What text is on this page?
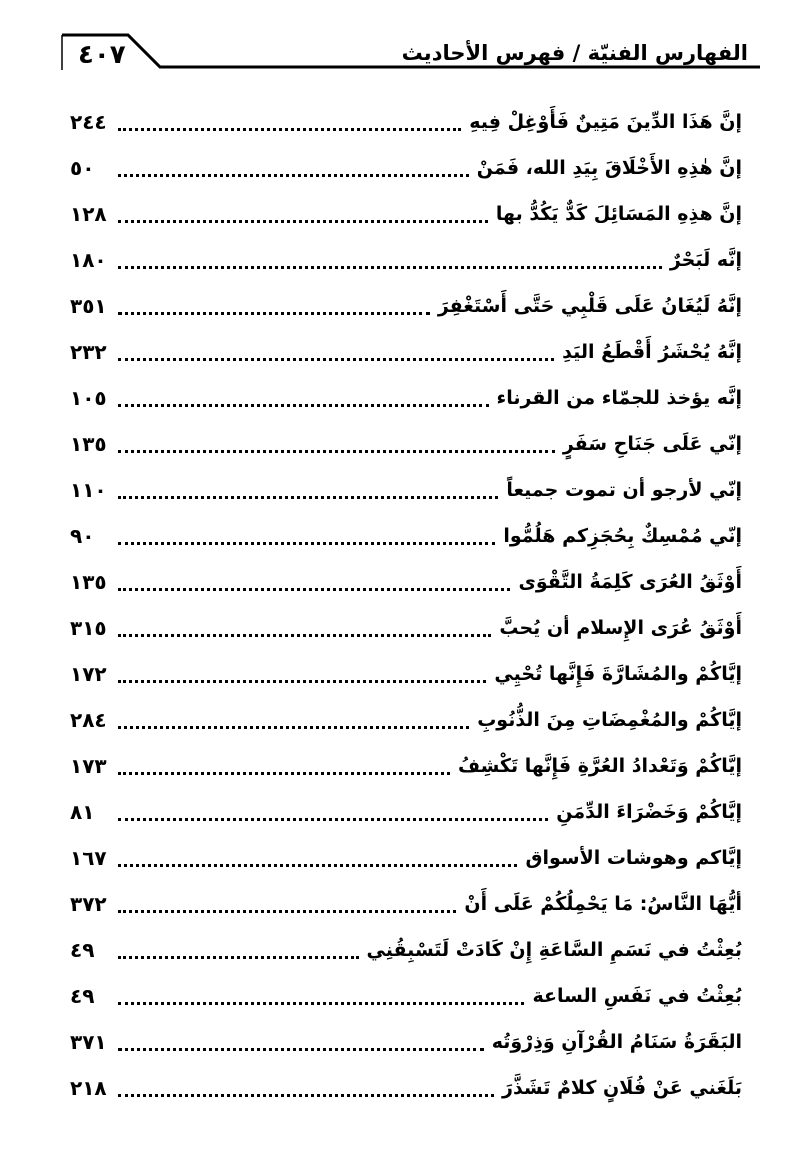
٤٠٧	الفهارس الفنيّة / فهرس الأحاديث
إنَّ هَذَا الدِّينَ مَتِينٌ فَأَوْغِلْ فِيهِ
٢٤٤
إنَّ هٰذِهِ الأَخْلَاقَ بِيَدِ الله، فَمَنْ
٥٠
إنَّ هذِهِ المَسَائِلَ كَدٌّ يَكُدُّ بها
١٢٨
إنَّه لَبَحْرٌ
١٨٠
إنَّهُ لَيُغَانُ عَلَى قَلْبِي حَتَّى أَسْتَغْفِرَ
٣٥١
إنَّهُ يُحْشَرُ أَقْطَعُ اليَدِ
٢٣٢
إنَّه يؤخذ للجمّاء من القرناء
١٠٥
إنّي عَلَى جَنَاحِ سَفَرٍ
١٣٥
إنّي لأرجو أن تموت جميعاً
١١٠
إنّي مُمْسِكٌ بِحُجَزِكم هَلُمُّوا
٩٠
أَوْثَقُ العُرَى كَلِمَةُ التَّقْوَى
١٣٥
أَوْثَقُ عُرَى الإِسلام أن يُحبَّ
٣١٥
إيَّاكُمْ والمُشَارَّةَ فَإِنَّها تُحْيِي
١٧٢
إيَّاكُمْ والمُغْمِضَاتِ مِنَ الذُّنُوبِ
٢٨٤
إيَّاكُمْ وَتَعْدادُ العُرَّةِ فَإِنَّها تَكْشِفُ
١٧٣
إيَّاكُمْ وَخَضْرَاءَ الدِّمَنِ
٨١
إيَّاكم وهوشات الأسواق
١٦٧
أيُّهَا النَّاسُ: مَا يَحْمِلُكُمْ عَلَى أَنْ
٣٧٢
بُعِثْتُ في نَسَمِ السَّاعَةِ إِنْ كَادَتْ لَتَسْبِقُنِي
٤٩
بُعِثْتُ في نَفَسِ الساعة
٤٩
البَقَرَةُ سَنَامُ القُرْآنِ وَذِرْوَتُه
٣٧١
بَلَغَني عَنْ فُلَانٍ كلامٌ تَشَذَّرَ
٢١٨
